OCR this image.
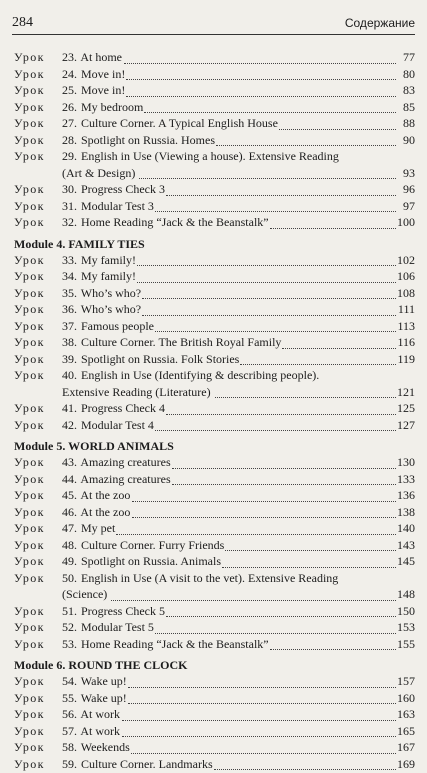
284	Содержание
Урок 23. At home	77
Урок 24. Move in!	80
Урок 25. Move in!	83
Урок 26. My bedroom	85
Урок 27. Culture Corner. A Typical English House	88
Урок 28. Spotlight on Russia. Homes	90
Урок 29. English in Use (Viewing a house). Extensive Reading
(Art & Design)	93
Урок 30. Progress Check 3	96
Урок 31. Modular Test 3	97
Урок 32. Home Reading “Jack & the Beanstalk”	100
Module 4. FAMILY TIES
Урок 33. My family!	102
Урок 34. My family!	106
Урок 35. Who’s who?	108
Урок 36. Who’s who?	111
Урок 37. Famous people	113
Урок 38. Culture Corner. The British Royal Family	116
Урок 39. Spotlight on Russia. Folk Stories	119
Урок 40. English in Use (Identifying & describing people).
Extensive Reading (Literature)	121
Урок 41. Progress Check 4	125
Урок 42. Modular Test 4	127
Module 5. WORLD ANIMALS
Урок 43. Amazing creatures	130
Урок 44. Amazing creatures	133
Урок 45. At the zoo	136
Урок 46. At the zoo	138
Урок 47. My pet	140
Урок 48. Culture Corner. Furry Friends	143
Урок 49. Spotlight on Russia. Animals	145
Урок 50. English in Use (A visit to the vet). Extensive Reading
(Science)	148
Урок 51. Progress Check 5	150
Урок 52. Modular Test 5	153
Урок 53. Home Reading “Jack & the Beanstalk”	155
Module 6. ROUND THE CLOCK
Урок 54. Wake up!	157
Урок 55. Wake up!	160
Урок 56. At work	163
Урок 57. At work	165
Урок 58. Weekends	167
Урок 59. Culture Corner. Landmarks	169
